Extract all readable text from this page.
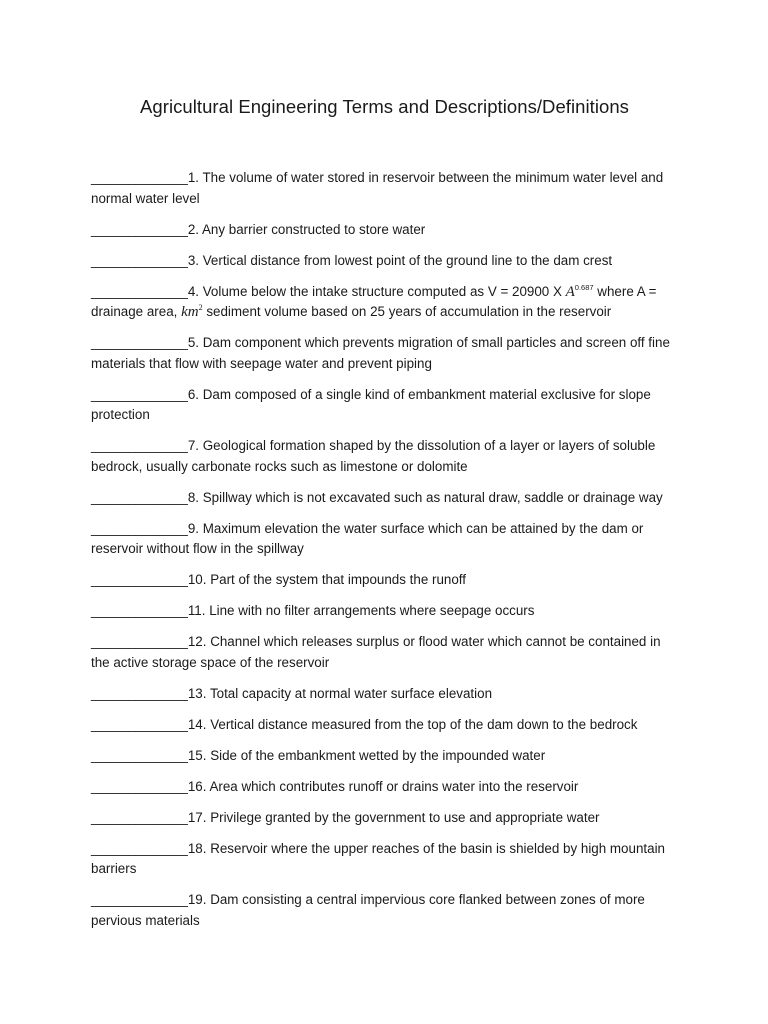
Agricultural Engineering Terms and Descriptions/Definitions

_____________1. The volume of water stored in reservoir between the minimum water level and normal water level

_____________2. Any barrier constructed to store water

_____________3. Vertical distance from lowest point of the ground line to the dam crest

_____________4. Volume below the intake structure computed as V = 20900 X $A^{0.687}$ where A = drainage area, $km^2$ sediment volume based on 25 years of accumulation in the reservoir

_____________5. Dam component which prevents migration of small particles and screen off fine materials that flow with seepage water and prevent piping

_____________6. Dam composed of a single kind of embankment material exclusive for slope protection

_____________7. Geological formation shaped by the dissolution of a layer or layers of soluble bedrock, usually carbonate rocks such as limestone or dolomite

_____________8. Spillway which is not excavated such as natural draw, saddle or drainage way

_____________9. Maximum elevation the water surface which can be attained by the dam or reservoir without flow in the spillway

_____________10. Part of the system that impounds the runoff

_____________11. Line with no filter arrangements where seepage occurs

_____________12. Channel which releases surplus or flood water which cannot be contained in the active storage space of the reservoir

_____________13. Total capacity at normal water surface elevation

_____________14. Vertical distance measured from the top of the dam down to the bedrock

_____________15. Side of the embankment wetted by the impounded water

_____________16. Area which contributes runoff or drains water into the reservoir

_____________17. Privilege granted by the government to use and appropriate water

_____________18. Reservoir where the upper reaches of the basin is shielded by high mountain barriers

_____________19. Dam consisting a central impervious core flanked between zones of more pervious materials
